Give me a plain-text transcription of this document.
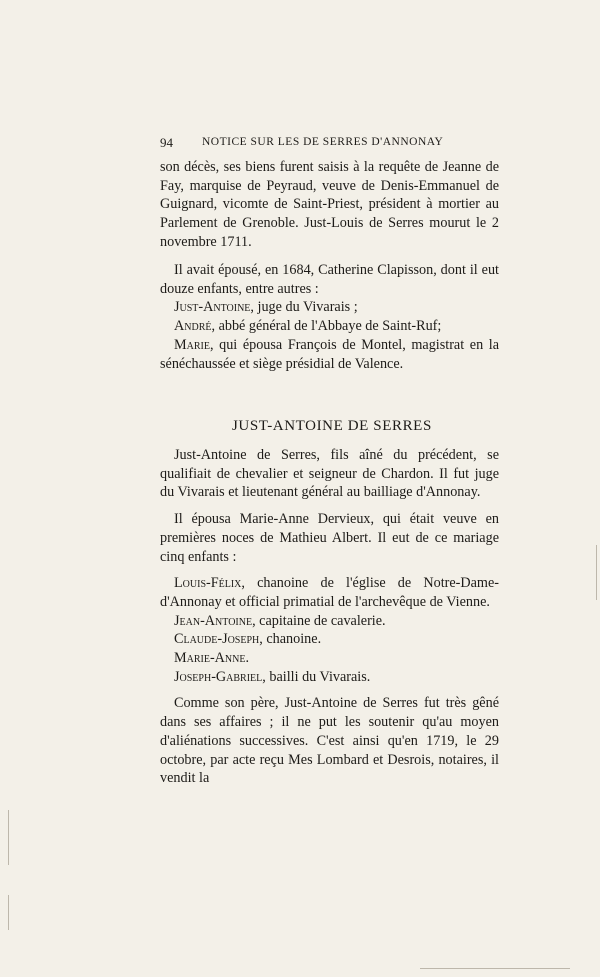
94	NOTICE SUR LES DE SERRES D'ANNONAY

son décès, ses biens furent saisis à la requête de Jeanne de Fay, marquise de Peyraud, veuve de Denis-Emmanuel de Guignard, vicomte de Saint-Priest, président à mortier au Parlement de Grenoble. Just-Louis de Serres mourut le 2 novembre 1711.

Il avait épousé, en 1684, Catherine Clapisson, dont il eut douze enfants, entre autres :

Just-Antoine, juge du Vivarais ;

André, abbé général de l'Abbaye de Saint-Ruf;

Marie, qui épousa François de Montel, magistrat en la sénéchaussée et siège présidial de Valence.

JUST-ANTOINE DE SERRES

Just-Antoine de Serres, fils aîné du précédent, se qualifiait de chevalier et seigneur de Chardon. Il fut juge du Vivarais et lieutenant général au bailliage d'Annonay.

Il épousa Marie-Anne Dervieux, qui était veuve en premières noces de Mathieu Albert. Il eut de ce mariage cinq enfants :

Louis-Félix, chanoine de l'église de Notre-Dame-d'Annonay et official primatial de l'archevêque de Vienne.

Jean-Antoine, capitaine de cavalerie.

Claude-Joseph, chanoine.

Marie-Anne.

Joseph-Gabriel, bailli du Vivarais.

Comme son père, Just-Antoine de Serres fut très gêné dans ses affaires ; il ne put les soutenir qu'au moyen d'aliénations successives. C'est ainsi qu'en 1719, le 29 octobre, par acte reçu Mes Lombard et Desrois, notaires, il vendit la
